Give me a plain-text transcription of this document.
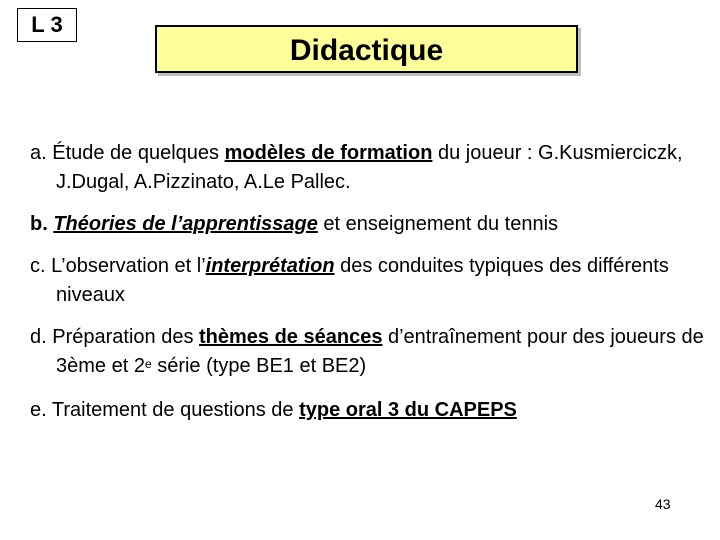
L 3
Didactique
a. Étude de quelques modèles de formation du joueur : G.Kusmierciczk, J.Dugal, A.Pizzinato, A.Le Pallec.
b. Théories de l’apprentissage et enseignement du tennis
c. L’observation et l’interprétation des conduites typiques des différents niveaux
d. Préparation des thèmes de séances d’entraînement pour des joueurs de 3ème et 2e série (type BE1 et BE2)
e. Traitement de questions de type oral 3 du CAPEPS
43
